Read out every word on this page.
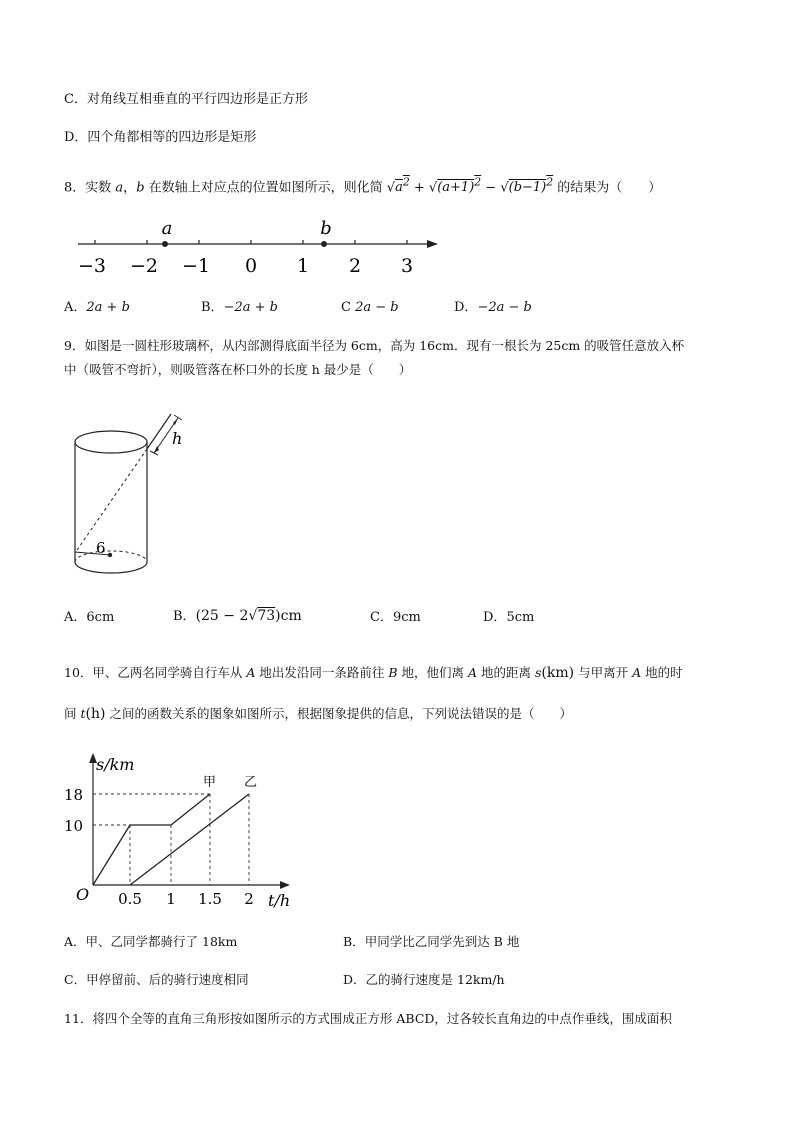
C．对角线互相垂直的平行四边形是正方形
D．四个角都相等的四边形是矩形
8．实数 a，b 在数轴上对应点的位置如图所示，则化简 $√a^2 + √(a+1)^2 - √(b-1)^2$ 的结果为（　　）
−3 −2 −1 0 1 2 3
a	b
A．2a + b	B．−2a + b	C 2a − b	D．−2a − b
9．如图是一圆柱形玻璃杯，从内部测得底面半径为 6cm，高为 16cm．现有一根长为 25cm 的吸管任意放入杯
中（吸管不弯折），则吸管落在杯口外的长度 h 最少是（　　）
h
6
A．6cm	B．(25 − 2√73)cm	C．9cm	D．5cm
10．甲、乙两名同学骑自行车从 A 地出发沿同一条路前往 B 地，他们离 A 地的距离 s(km) 与甲离开 A 地的时
间 t(h) 之间的函数关系的图象如图所示，根据图象提供的信息，下列说法错误的是（　　）
s/km
t/h
O
18
10
0.5 1 1.5 2
甲 乙
A．甲、乙同学都骑行了 18km	B．甲同学比乙同学先到达 B 地
C．甲停留前、后的骑行速度相同	D．乙的骑行速度是 12km/h
11．将四个全等的直角三角形按如图所示的方式围成正方形 ABCD，过各较长直角边的中点作垂线，围成面积
